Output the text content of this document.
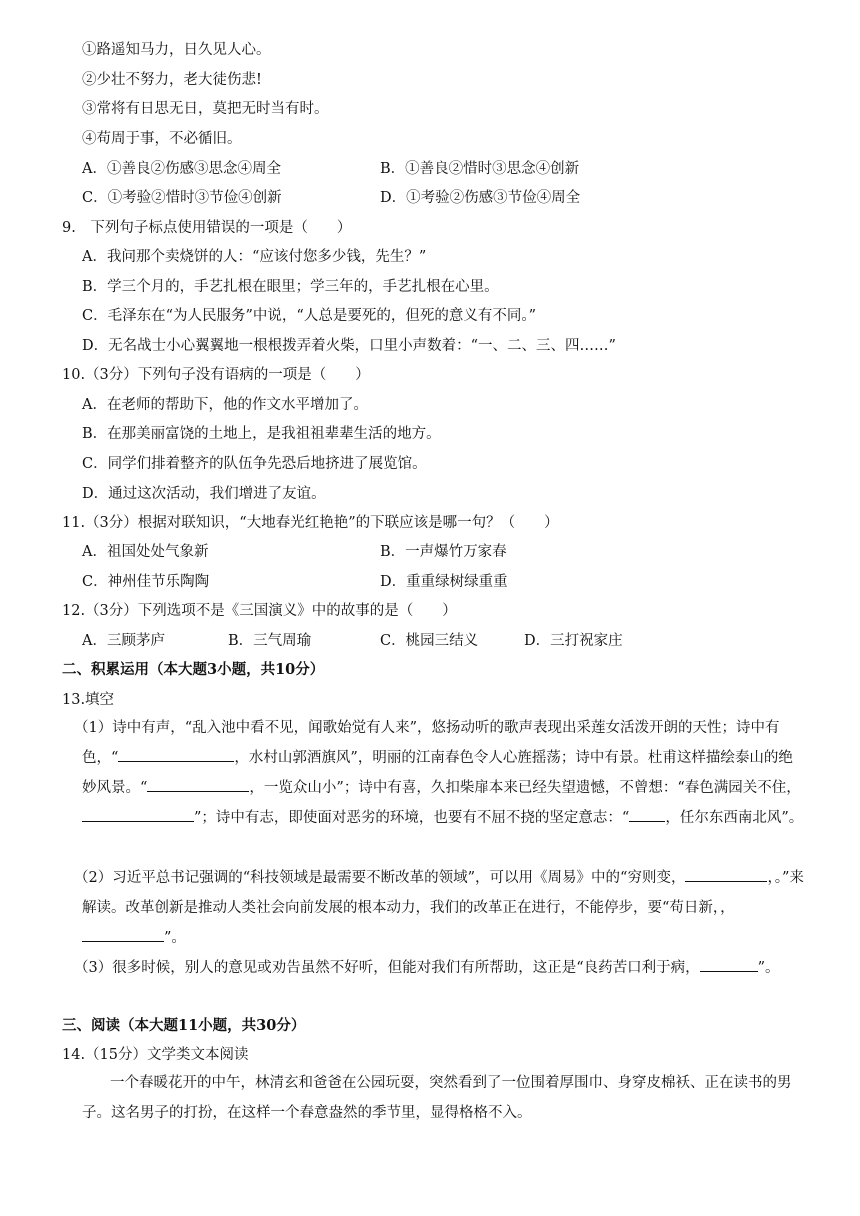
①路遥知马力，日久见人心。
②少壮不努力，老大徒伤悲!
③常将有日思无日，莫把无时当有时。
④苟周于事，不必循旧。
A．①善良②伤感③思念④周全	B．①善良②惜时③思念④创新
C．①考验②惜时③节俭④创新	D．①考验②伤感③节俭④周全
9.　下列句子标点使用错误的一项是（　　）
A．我问那个卖烧饼的人：“应该付您多少钱，先生？”
B．学三个月的，手艺扎根在眼里；学三年的，手艺扎根在心里。
C．毛泽东在“为人民服务”中说，“人总是要死的，但死的意义有不同。”
D．无名战士小心翼翼地一根根拨弄着火柴，口里小声数着：“一、二、三、四……”
10.（3分）下列句子没有语病的一项是（　　）
A．在老师的帮助下，他的作文水平增加了。
B．在那美丽富饶的土地上，是我祖祖辈辈生活的地方。
C．同学们排着整齐的队伍争先恐后地挤进了展览馆。
D．通过这次活动，我们增进了友谊。
11.（3分）根据对联知识，“大地春光红艳艳”的下联应该是哪一句？（　　）
A．祖国处处气象新	B．一声爆竹万家春
C．神州佳节乐陶陶	D．重重绿树绿重重
12.（3分）下列选项不是《三国演义》中的故事的是（　　）
A．三顾茅庐	B．三气周瑜	C．桃园三结义	D．三打祝家庄
二、积累运用（本大题3小题，共10分）
13.填空
（1）诗中有声，“乱入池中看不见，闻歌始觉有人来”，悠扬动听的歌声表现出采莲女活泼开朗的天性；诗中有色，“	，水村山郭酒旗风”，明丽的江南春色令人心旌摇荡；诗中有景。杜甫这样描绘泰山的绝妙风景。“	，一览众山小”；诗中有喜，久扣柴扉本来已经失望遗憾，不曾想：“春色满园关不住，”；诗中有志，即使面对恶劣的环境，也要有不屈不挠的坚定意志：“ ，任尔东西南北风”。
（2）习近平总书记强调的“科技领域是最需要不断改革的领域”，可以用《周易》中的“穷则变，	，。”来解读。改革创新是推动人类社会向前发展的根本动力，我们的改革正在进行，不能停步，要“苟日新，，”。
（3）很多时候，别人的意见或劝告虽然不好听，但能对我们有所帮助，这正是“良药苦口利于病，	”。
三、阅读（本大题11小题，共30分）
14.（15分）文学类文本阅读
一个春暖花开的中午，林清玄和爸爸在公园玩耍，突然看到了一位围着厚围巾、身穿皮棉袄、正在读书的男子。这名男子的打扮，在这样一个春意盎然的季节里，显得格格不入。
